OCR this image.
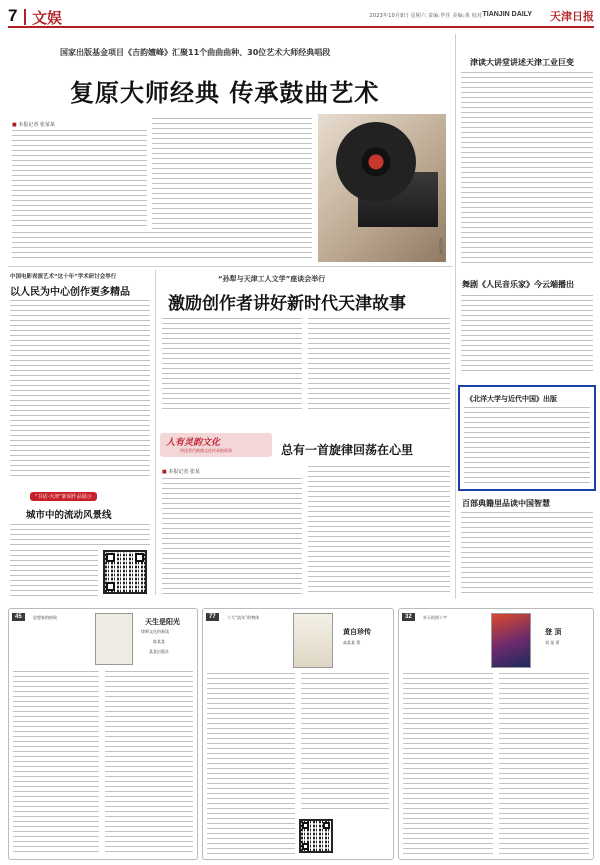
7 文娱	2023年10月8日 星期六 责编:毕佳 美编:黄 校对:
TIANJIN DAILY 天津日报
国家出版基金项目《吉韵嬗峰》汇聚11个曲曲曲种、30位艺术大师经典唱段
复原大师经典 传承鼓曲艺术
■ 本报记者 张某某
本报记者
中国电影表演艺术“这十年”学术研讨会举行
以人民为中心创作更多精品
“孙犁与天津工人文学”座谈会举行
激励创作者讲好新时代天津故事
人有灵韵文化
讲述晋代鼓曲文化传承的故事	总有一首旋律回荡在心里
■ 本报记者 张某
“书话·天津”新闻作品展示
城市中的流动风景线
津读大讲堂讲述天津工业巨变
舞剧《人民音乐家》今云端播出
《北洋大学与近代中国》出版
百部典籍里品读中国智慧
45	思想家的格致
天生是阳光
律师文化的新读
陈某某
某某出版社
77	十大“流年”的物体
黄自珍传
高某某 著
32	补天机图十字
登 顶
刘 某 著
